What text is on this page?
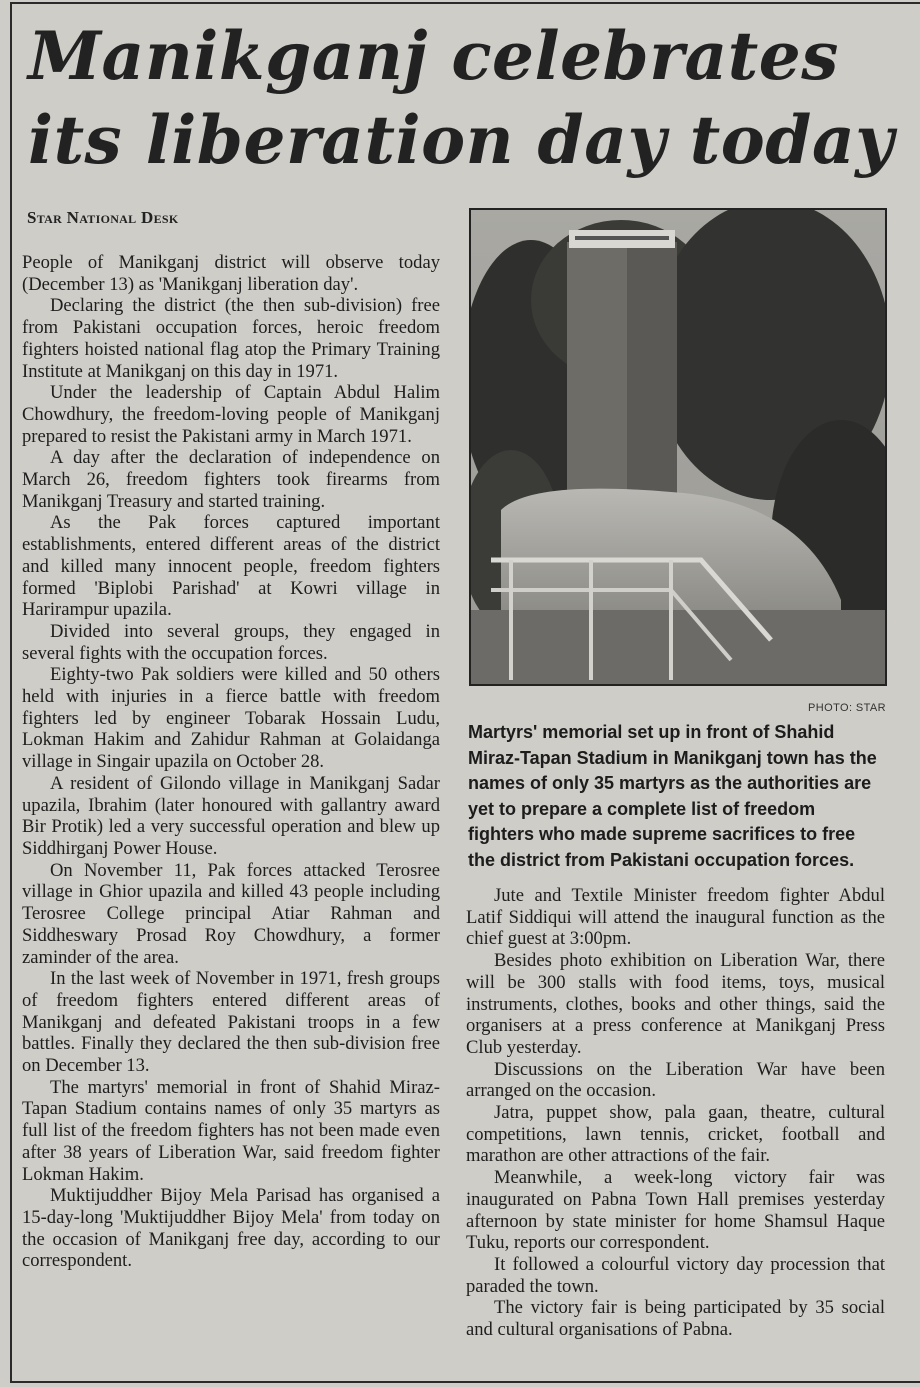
Manikganj celebrates its liberation day today
Star National Desk

People of Manikganj district will observe today (December 13) as 'Manikganj liberation day'.

Declaring the district (the then sub-division) free from Pakistani occupation forces, heroic freedom fighters hoisted national flag atop the Primary Training Institute at Manikganj on this day in 1971.

Under the leadership of Captain Abdul Halim Chowdhury, the freedom-loving people of Manikganj prepared to resist the Pakistani army in March 1971.

A day after the declaration of independence on March 26, freedom fighters took firearms from Manikganj Treasury and started training.

As the Pak forces captured important establishments, entered different areas of the district and killed many innocent people, freedom fighters formed 'Biplobi Parishad' at Kowri village in Harirampur upazila.

Divided into several groups, they engaged in several fights with the occupation forces.

Eighty-two Pak soldiers were killed and 50 others held with injuries in a fierce battle with freedom fighters led by engineer Tobarak Hossain Ludu, Lokman Hakim and Zahidur Rahman at Golaidanga village in Singair upazila on October 28.

A resident of Gilondo village in Manikganj Sadar upazila, Ibrahim (later honoured with gallantry award Bir Protik) led a very successful operation and blew up Siddhirganj Power House.

On November 11, Pak forces attacked Terosree village in Ghior upazila and killed 43 people including Terosree College principal Atiar Rahman and Siddheswary Prosad Roy Chowdhury, a former zaminder of the area.

In the last week of November in 1971, fresh groups of freedom fighters entered different areas of Manikganj and defeated Pakistani troops in a few battles. Finally they declared the then sub-division free on December 13.

The martyrs' memorial in front of Shahid Miraz-Tapan Stadium contains names of only 35 martyrs as full list of the freedom fighters has not been made even after 38 years of Liberation War, said freedom fighter Lokman Hakim.

Muktijuddher Bijoy Mela Parisad has organised a 15-day-long 'Muktijuddher Bijoy Mela' from today on the occasion of Manikganj free day, according to our correspondent.

PHOTO: STAR
Martyrs' memorial set up in front of Shahid Miraz-Tapan Stadium in Manikganj town has the names of only 35 martyrs as the authorities are yet to prepare a complete list of freedom fighters who made supreme sacrifices to free the district from Pakistani occupation forces.

Jute and Textile Minister freedom fighter Abdul Latif Siddiqui will attend the inaugural function as the chief guest at 3:00pm.

Besides photo exhibition on Liberation War, there will be 300 stalls with food items, toys, musical instruments, clothes, books and other things, said the organisers at a press conference at Manikganj Press Club yesterday.

Discussions on the Liberation War have been arranged on the occasion.

Jatra, puppet show, pala gaan, theatre, cultural competitions, lawn tennis, cricket, football and marathon are other attractions of the fair.

Meanwhile, a week-long victory fair was inaugurated on Pabna Town Hall premises yesterday afternoon by state minister for home Shamsul Haque Tuku, reports our correspondent.

It followed a colourful victory day procession that paraded the town.

The victory fair is being participated by 35 social and cultural organisations of Pabna.
